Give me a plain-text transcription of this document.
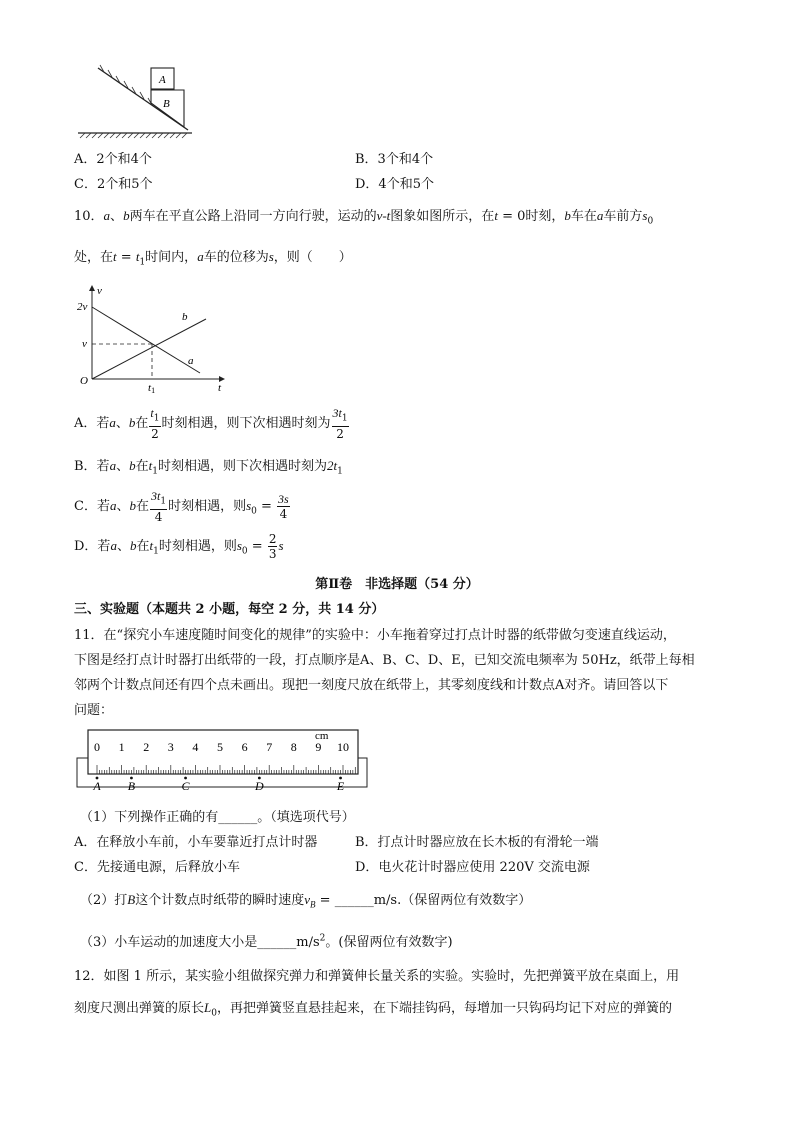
A
B
A．2个和4个	B．3个和4个
C．2个和5个	D．4个和5个
10．a、b两车在平直公路上沿同一方向行驶，运动的v-t图象如图所示，在t = 0时刻，b车在a车前方$s_0$
处，在$t = t_1$时间内，a车的位移为s，则（　　）
v
t
O
2v
v
b
a
t1
A．若a、b在 $\frac{t_1}{2}$ 时刻相遇，则下次相遇时刻为 $\frac{3t_1}{2}$
B．若a、b在$t_1$时刻相遇，则下次相遇时刻为$2t_1$
C．若a、b在 $\frac{3t_1}{4}$ 时刻相遇，则$s_0 = \frac{3s}{4}$
D．若a、b在$t_1$时刻相遇，则$s_0 = \frac{2}{3}$ s
第Ⅱ卷　非选择题（54 分）
三、实验题（本题共 2 小题，每空 2 分，共 14 分）
11．在“探究小车速度随时间变化的规律”的实验中：小车拖着穿过打点计时器的纸带做匀变速直线运动，
下图是经打点计时器打出纸带的一段，打点顺序是A、B、C、D、E，已知交流电频率为 50Hz，纸带上每相
邻两个计数点间还有四个点未画出。现把一刻度尺放在纸带上，其零刻度线和计数点A对齐。请回答以下
问题：
0 1 2 3 4 5 6 7 8 9 10
A B	C	D	E
cm
（1）下列操作正确的有______。（填选项代号）
A．在释放小车前，小车要靠近打点计时器	B．打点计时器应放在长木板的有滑轮一端
C．先接通电源，后释放小车	D．电火花计时器应使用 220V 交流电源
（2）打B这个计数点时纸带的瞬时速度$v_B$ = ______m/s.（保留两位有效数字）
（3）小车运动的加速度大小是$\_\_\_\_\_\_m/s^2$。(保留两位有效数字)
12．如图 1 所示，某实验小组做探究弹力和弹簧伸长量关系的实验。实验时，先把弹簧平放在桌面上，用
刻度尺测出弹簧的原长$L_0$，再把弹簧竖直悬挂起来，在下端挂钩码，每增加一只钩码均记下对应的弹簧的
